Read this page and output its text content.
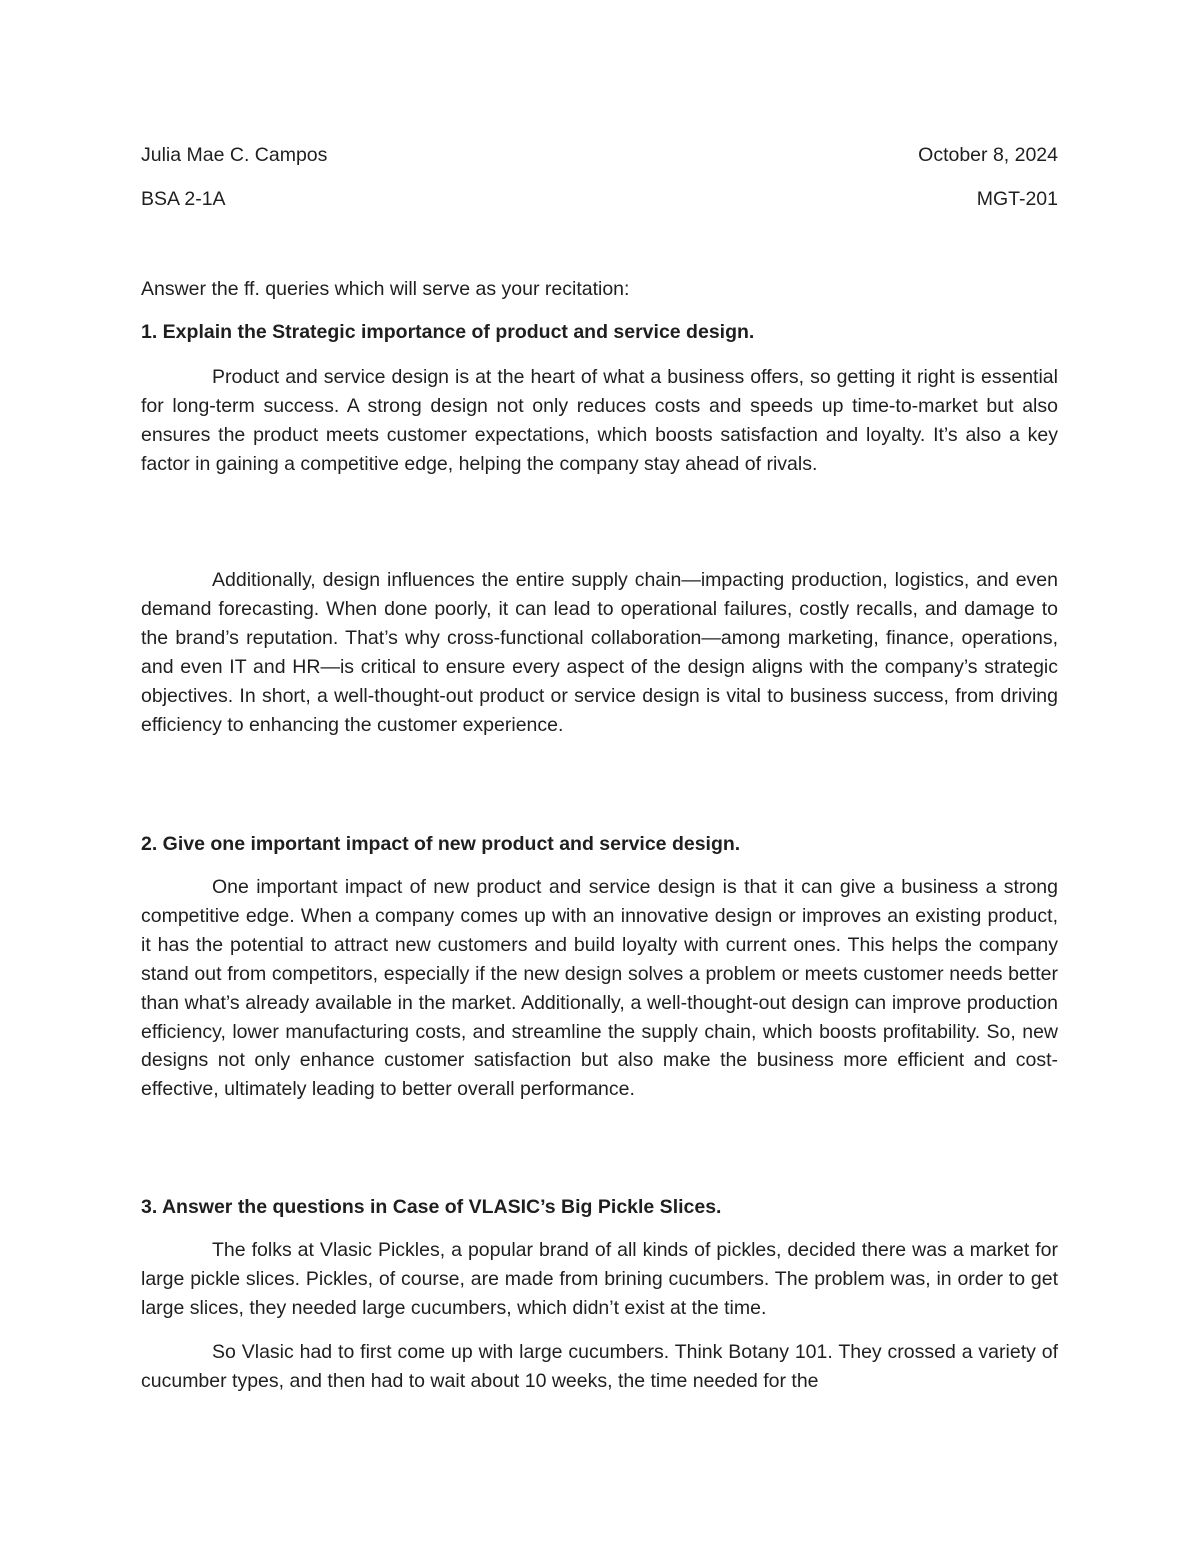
Julia Mae C. Campos	October 8, 2024
BSA 2-1A	MGT-201
Answer the ff. queries which will serve as your recitation:
1. Explain the Strategic importance of product and service design.

Product and service design is at the heart of what a business offers, so getting it right is essential for long-term success. A strong design not only reduces costs and speeds up time-to-market but also ensures the product meets customer expectations, which boosts satisfaction and loyalty. It’s also a key factor in gaining a competitive edge, helping the company stay ahead of rivals.

Additionally, design influences the entire supply chain—impacting production, logistics, and even demand forecasting. When done poorly, it can lead to operational failures, costly recalls, and damage to the brand’s reputation. That’s why cross-functional collaboration—among marketing, finance, operations, and even IT and HR—is critical to ensure every aspect of the design aligns with the company’s strategic objectives. In short, a well-thought-out product or service design is vital to business success, from driving efficiency to enhancing the customer experience.

2. Give one important impact of new product and service design.

One important impact of new product and service design is that it can give a business a strong competitive edge. When a company comes up with an innovative design or improves an existing product, it has the potential to attract new customers and build loyalty with current ones. This helps the company stand out from competitors, especially if the new design solves a problem or meets customer needs better than what’s already available in the market. Additionally, a well-thought-out design can improve production efficiency, lower manufacturing costs, and streamline the supply chain, which boosts profitability. So, new designs not only enhance customer satisfaction but also make the business more efficient and cost-effective, ultimately leading to better overall performance.

3. Answer the questions in Case of VLASIC’s Big Pickle Slices.

The folks at Vlasic Pickles, a popular brand of all kinds of pickles, decided there was a market for large pickle slices. Pickles, of course, are made from brining cucumbers. The problem was, in order to get large slices, they needed large cucumbers, which didn’t exist at the time.

So Vlasic had to first come up with large cucumbers. Think Botany 101. They crossed a variety of cucumber types, and then had to wait about 10 weeks, the time needed for the
